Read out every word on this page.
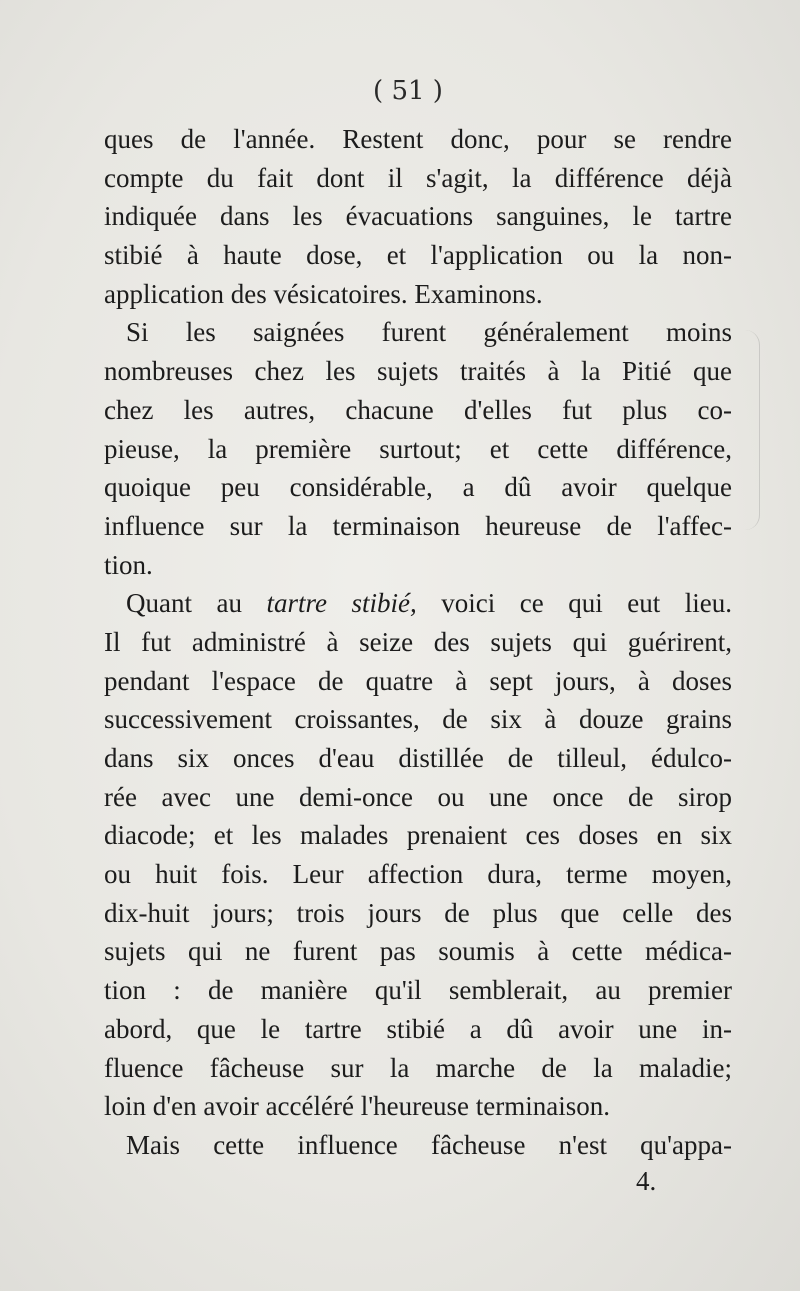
( 51 )
ques de l'année. Restent donc, pour se rendre
compte du fait dont il s'agit, la différence déjà
indiquée dans les évacuations sanguines, le tartre
stibié à haute dose, et l'application ou la non-
application des vésicatoires. Examinons.
Si les saignées furent généralement moins
nombreuses chez les sujets traités à la Pitié que
chez les autres, chacune d'elles fut plus co-
pieuse, la première surtout; et cette différence,
quoique peu considérable, a dû avoir quelque
influence sur la terminaison heureuse de l'affec-
tion.
Quant au tartre stibié, voici ce qui eut lieu.
Il fut administré à seize des sujets qui guérirent,
pendant l'espace de quatre à sept jours, à doses
successivement croissantes, de six à douze grains
dans six onces d'eau distillée de tilleul, édulco-
rée avec une demi-once ou une once de sirop
diacode; et les malades prenaient ces doses en six
ou huit fois. Leur affection dura, terme moyen,
dix-huit jours; trois jours de plus que celle des
sujets qui ne furent pas soumis à cette médica-
tion : de manière qu'il semblerait, au premier
abord, que le tartre stibié a dû avoir une in-
fluence fâcheuse sur la marche de la maladie;
loin d'en avoir accéléré l'heureuse terminaison.
Mais cette influence fâcheuse n'est qu'appa-
4.
